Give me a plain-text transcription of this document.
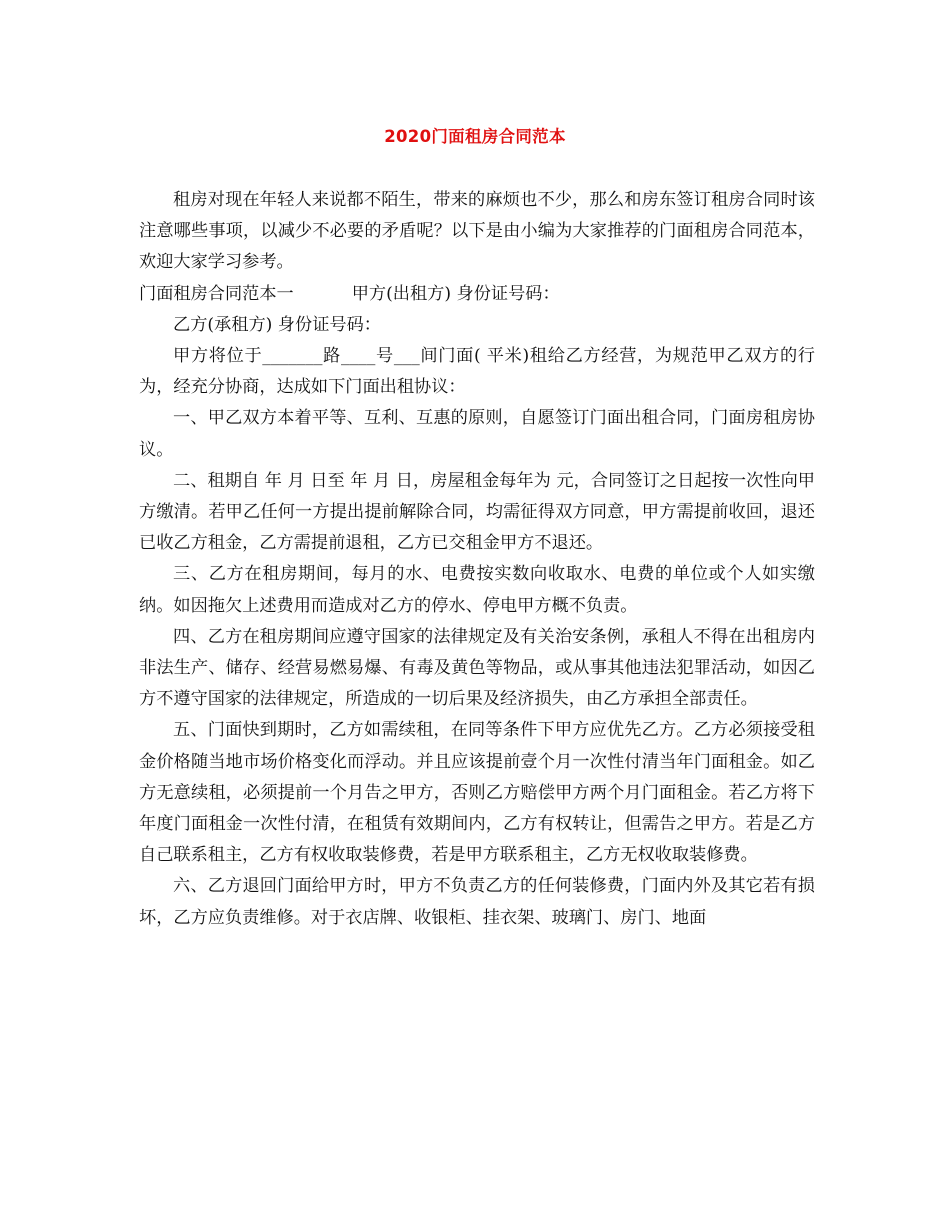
2020门面租房合同范本

租房对现在年轻人来说都不陌生，带来的麻烦也不少，那么和房东签订租房合同时该注意哪些事项，以减少不必要的矛盾呢？以下是由小编为大家推荐的门面租房合同范本，欢迎大家学习参考。

门面租房合同范本一	甲方(出租方) 身份证号码：

乙方(承租方) 身份证号码：

甲方将位于_______路____号___间门面( 平米)租给乙方经营，为规范甲乙双方的行为，经充分协商，达成如下门面出租协议：

一、甲乙双方本着平等、互利、互惠的原则，自愿签订门面出租合同，门面房租房协议。

二、租期自 年 月 日至 年 月 日，房屋租金每年为 元，合同签订之日起按一次性向甲方缴清。若甲乙任何一方提出提前解除合同，均需征得双方同意，甲方需提前收回，退还已收乙方租金，乙方需提前退租，乙方已交租金甲方不退还。

三、乙方在租房期间，每月的水、电费按实数向收取水、电费的单位或个人如实缴纳。如因拖欠上述费用而造成对乙方的停水、停电甲方概不负责。

四、乙方在租房期间应遵守国家的法律规定及有关治安条例，承租人不得在出租房内非法生产、储存、经营易燃易爆、有毒及黄色等物品，或从事其他违法犯罪活动，如因乙方不遵守国家的法律规定，所造成的一切后果及经济损失，由乙方承担全部责任。

五、门面快到期时，乙方如需续租，在同等条件下甲方应优先乙方。乙方必须接受租金价格随当地市场价格变化而浮动。并且应该提前壹个月一次性付清当年门面租金。如乙方无意续租，必须提前一个月告之甲方，否则乙方赔偿甲方两个月门面租金。若乙方将下年度门面租金一次性付清，在租赁有效期间内，乙方有权转让，但需告之甲方。若是乙方自己联系租主，乙方有权收取装修费，若是甲方联系租主，乙方无权收取装修费。

六、乙方退回门面给甲方时，甲方不负责乙方的任何装修费，门面内外及其它若有损坏，乙方应负责维修。对于衣店牌、收银柜、挂衣架、玻璃门、房门、地面
